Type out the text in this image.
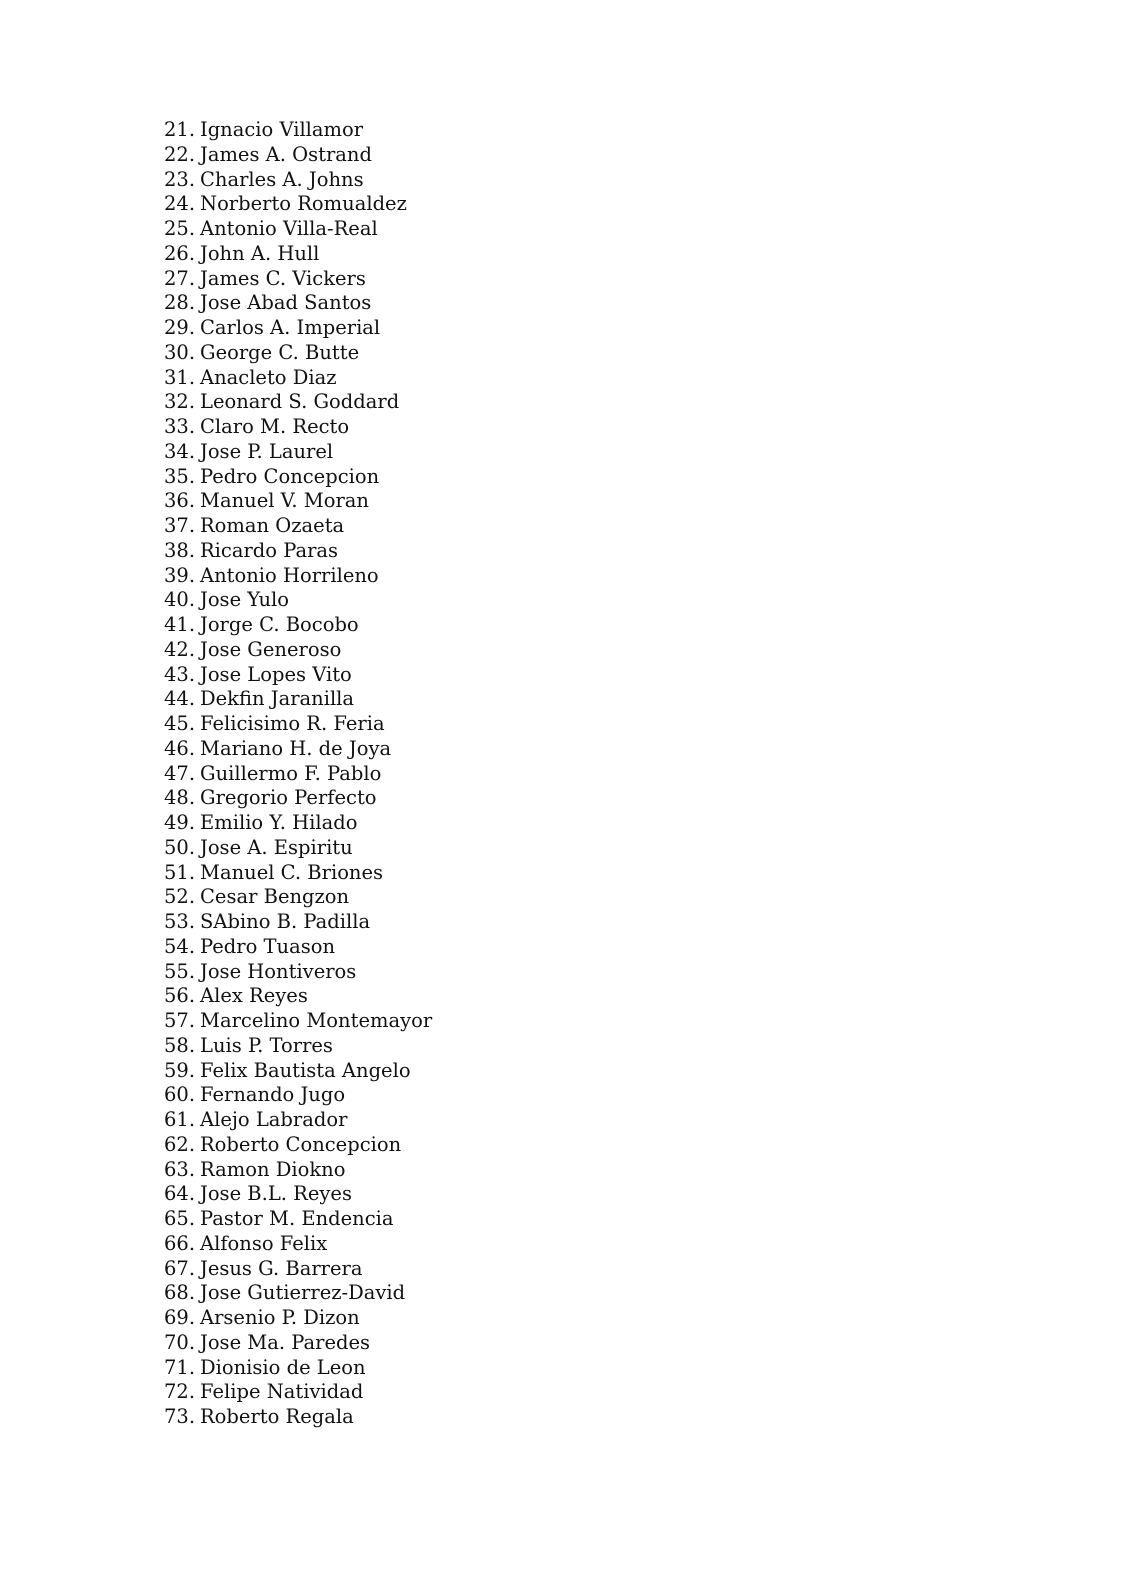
21. Ignacio Villamor
22. James A. Ostrand
23. Charles A. Johns
24. Norberto Romualdez
25. Antonio Villa-Real
26. John A. Hull
27. James C. Vickers
28. Jose Abad Santos
29. Carlos A. Imperial
30. George C. Butte
31. Anacleto Diaz
32. Leonard S. Goddard
33. Claro M. Recto
34. Jose P. Laurel
35. Pedro Concepcion
36. Manuel V. Moran
37. Roman Ozaeta
38. Ricardo Paras
39. Antonio Horrileno
40. Jose Yulo
41. Jorge C. Bocobo
42. Jose Generoso
43. Jose Lopes Vito
44. Dekfin Jaranilla
45. Felicisimo R. Feria
46. Mariano H. de Joya
47. Guillermo F. Pablo
48. Gregorio Perfecto
49. Emilio Y. Hilado
50. Jose A. Espiritu
51. Manuel C. Briones
52. Cesar Bengzon
53. SAbino B. Padilla
54. Pedro Tuason
55. Jose Hontiveros
56. Alex Reyes
57. Marcelino Montemayor
58. Luis P. Torres
59. Felix Bautista Angelo
60. Fernando Jugo
61. Alejo Labrador
62. Roberto Concepcion
63. Ramon Diokno
64. Jose B.L. Reyes
65. Pastor M. Endencia
66. Alfonso Felix
67. Jesus G. Barrera
68. Jose Gutierrez-David
69. Arsenio P. Dizon
70. Jose Ma. Paredes
71. Dionisio de Leon
72. Felipe Natividad
73. Roberto Regala
